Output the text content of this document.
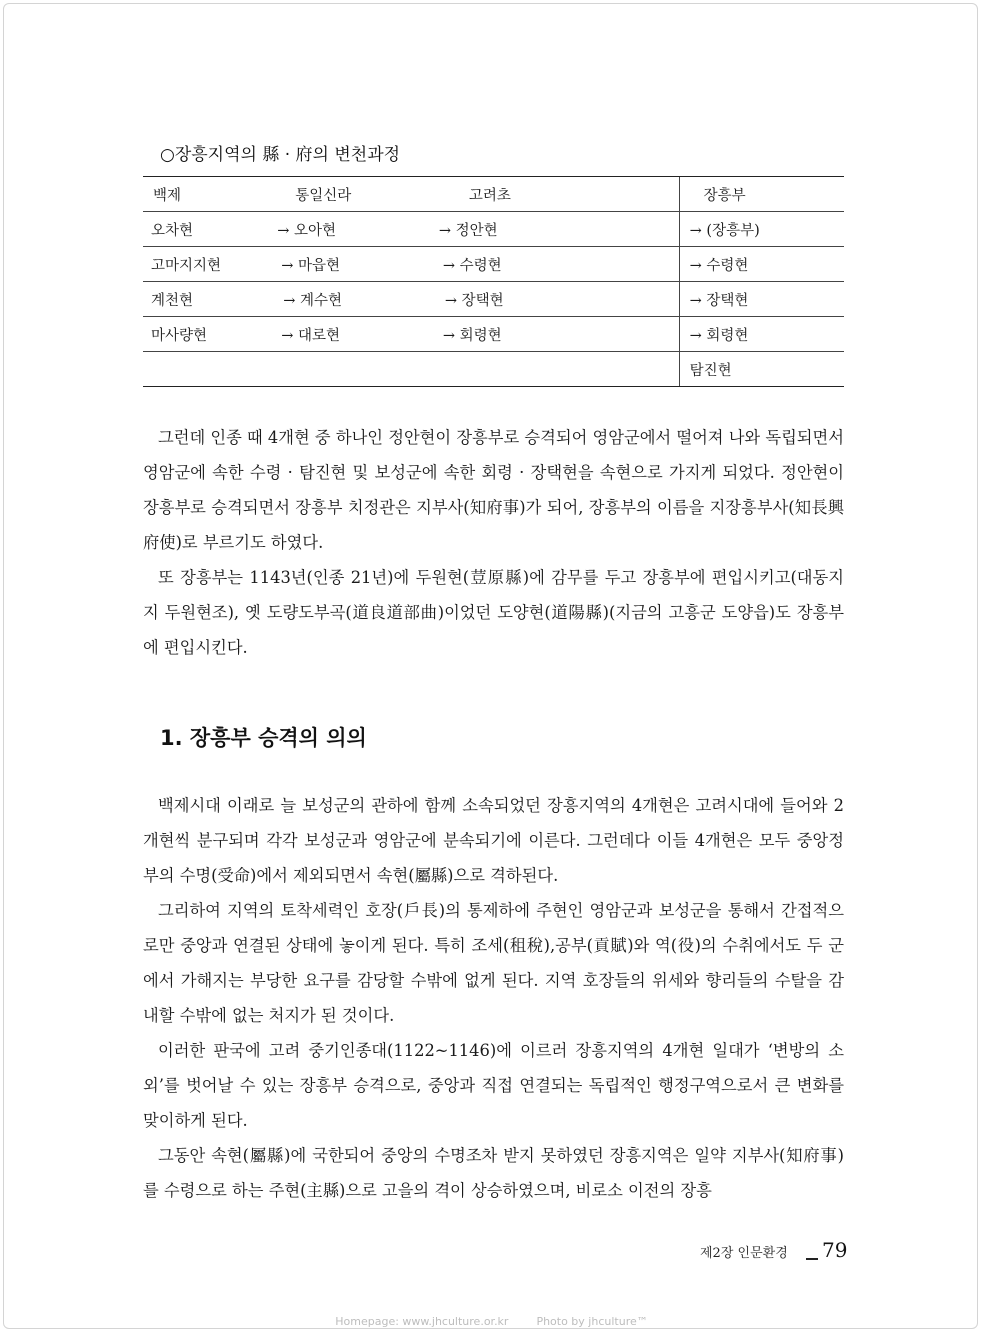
○장흥지역의 縣 · 府의 변천과정
백제	통일신라	고려초	장흥부
오차현	→ 오아현	→ 정안현	→ (장흥부)
고마지지현	→ 마읍현	→ 수령현	→ 수령현
계천현	→ 계수현	→ 장택현	→ 장택현
마사량현	→ 대로현	→ 회령현	→ 회령현
			탐진현

그런데 인종 때 4개현 중 하나인 정안현이 장흥부로 승격되어 영암군에서 떨어져 나와 독립되면서 영암군에 속한 수령 · 탐진현 및 보성군에 속한 회령 · 장택현을 속현으로 가지게 되었다. 정안현이 장흥부로 승격되면서 장흥부 치정관은 지부사(知府事)가 되어, 장흥부의 이름을 지장흥부사(知長興府使)로 부르기도 하였다.

또 장흥부는 1143년(인종 21년)에 두원현(荳原縣)에 감무를 두고 장흥부에 편입시키고(대동지지 두원현조), 옛 도량도부곡(道良道部曲)이었던 도양현(道陽縣)(지금의 고흥군 도양읍)도 장흥부에 편입시킨다.

1. 장흥부 승격의 의의

백제시대 이래로 늘 보성군의 관하에 함께 소속되었던 장흥지역의 4개현은 고려시대에 들어와 2개현씩 분구되며 각각 보성군과 영암군에 분속되기에 이른다. 그런데다 이들 4개현은 모두 중앙정부의 수명(受命)에서 제외되면서 속현(屬縣)으로 격하된다.

그리하여 지역의 토착세력인 호장(戶長)의 통제하에 주현인 영암군과 보성군을 통해서 간접적으로만 중앙과 연결된 상태에 놓이게 된다. 특히 조세(租稅),공부(貢賦)와 역(役)의 수취에서도 두 군에서 가해지는 부당한 요구를 감당할 수밖에 없게 된다. 지역 호장들의 위세와 향리들의 수탈을 감내할 수밖에 없는 처지가 된 것이다.

이러한 판국에 고려 중기인종대(1122~1146)에 이르러 장흥지역의 4개현 일대가 ‘변방의 소외’를 벗어날 수 있는 장흥부 승격으로, 중앙과 직접 연결되는 독립적인 행정구역으로서 큰 변화를 맞이하게 된다.

그동안 속현(屬縣)에 국한되어 중앙의 수명조차 받지 못하였던 장흥지역은 일약 지부사(知府事)를 수령으로 하는 주현(主縣)으로 고을의 격이 상승하였으며, 비로소 이전의 장흥

제2장 인문환경 79
Homepage: www.jhculture.or.kr	Photo by jhculture™
